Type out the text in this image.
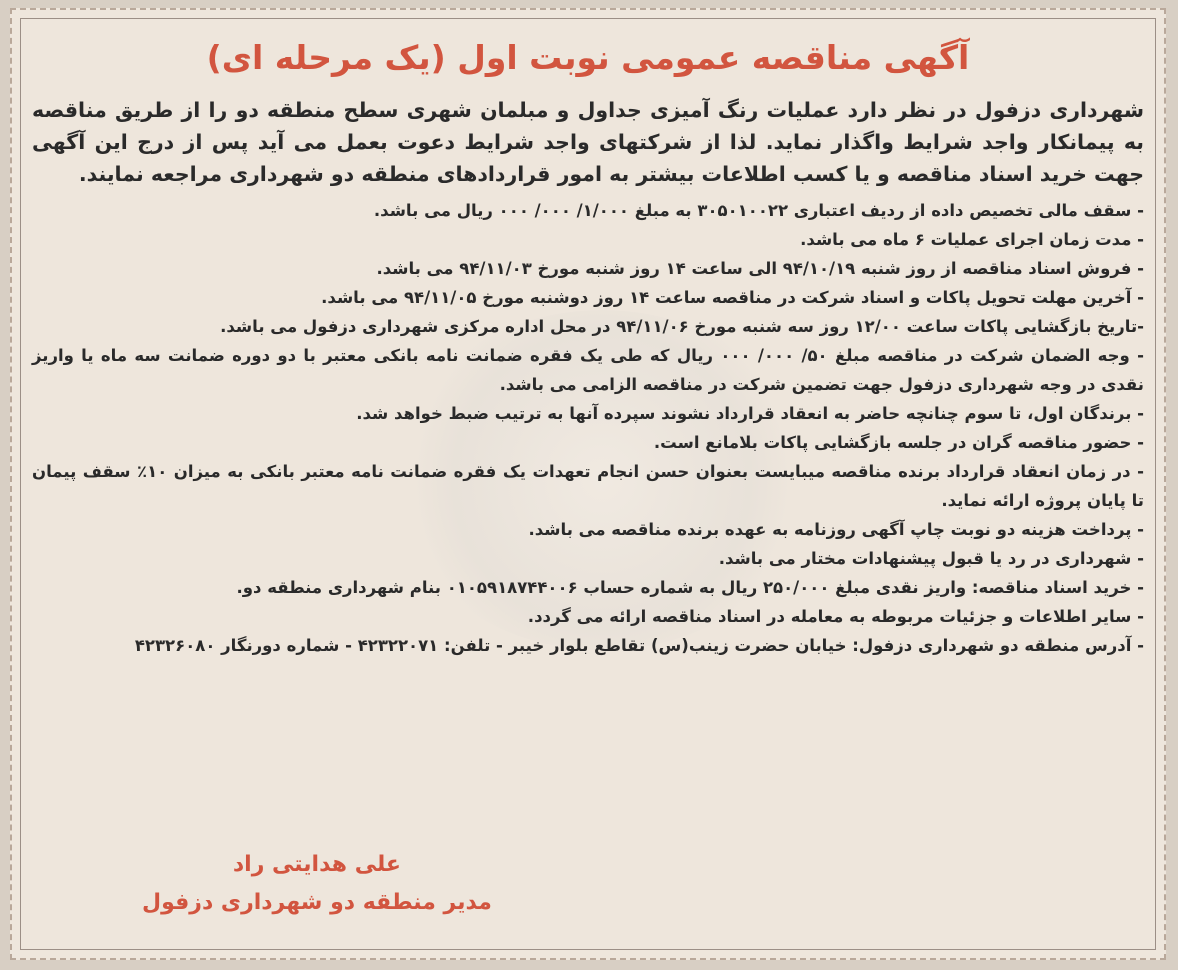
آگهی مناقصه عمومی نوبت اول (یک مرحله ای)
شهرداری دزفول در نظر دارد عملیات رنگ آمیزی جداول و مبلمان شهری سطح منطقه دو را از طریق مناقصه به پیمانکار واجد شرایط واگذار نماید. لذا از شرکتهای واجد شرایط دعوت بعمل می آید پس از درج این آگهی جهت خرید اسناد مناقصه و یا کسب اطلاعات بیشتر به امور قراردادهای منطقه دو شهرداری مراجعه نمایند.
- سقف مالی تخصیص داده از ردیف اعتباری ۳۰۵۰۱۰۰۲۲ به مبلغ ۱/۰۰۰/ ۰۰۰/ ۰۰۰ ریال می باشد.
- مدت زمان اجرای عملیات ۶ ماه می باشد.
- فروش اسناد مناقصه از روز شنبه ۹۴/۱۰/۱۹ الی ساعت ۱۴ روز شنبه مورخ ۹۴/۱۱/۰۳ می باشد.
- آخرین مهلت تحویل پاکات و اسناد شرکت در مناقصه ساعت ۱۴ روز دوشنبه مورخ ۹۴/۱۱/۰۵ می باشد.
-تاریخ بازگشایی پاکات ساعت ۱۲/۰۰ روز سه شنبه مورخ ۹۴/۱۱/۰۶ در محل اداره مرکزی شهرداری دزفول می باشد.
- وجه الضمان شرکت در مناقصه مبلغ ۵۰/ ۰۰۰/ ۰۰۰ ریال که طی یک فقره ضمانت نامه بانکی معتبر با دو دوره ضمانت سه ماه یا واریز نقدی در وجه شهرداری دزفول جهت تضمین شرکت در مناقصه الزامی می باشد.
- برندگان اول، تا سوم چنانچه حاضر به انعقاد قرارداد نشوند سپرده آنها به ترتیب ضبط خواهد شد.
- حضور مناقصه گران در جلسه بازگشایی پاکات بلامانع است.
- در زمان انعقاد قرارداد برنده مناقصه میبایست بعنوان حسن انجام تعهدات یک فقره ضمانت نامه معتبر بانکی به میزان ۱۰٪ سقف پیمان تا پایان پروژه ارائه نماید.
- پرداخت هزینه دو نوبت چاپ آگهی روزنامه به عهده برنده مناقصه می باشد.
- شهرداری در رد یا قبول پیشنهادات مختار می باشد.
- خرید اسناد مناقصه: واریز نقدی مبلغ ۲۵۰/۰۰۰ ریال به شماره حساب ۰۱۰۵۹۱۸۷۴۴۰۰۶ بنام شهرداری منطقه دو.
- سایر اطلاعات و جزئیات مربوطه به معامله در اسناد مناقصه ارائه می گردد.
- آدرس منطقه دو شهرداری دزفول: خیابان حضرت زینب(س) تقاطع بلوار خیبر - تلفن: ۴۲۳۲۲۰۷۱ - شماره دورنگار ۴۲۳۲۶۰۸۰
علی هدایتی راد
مدیر منطقه دو شهرداری دزفول
